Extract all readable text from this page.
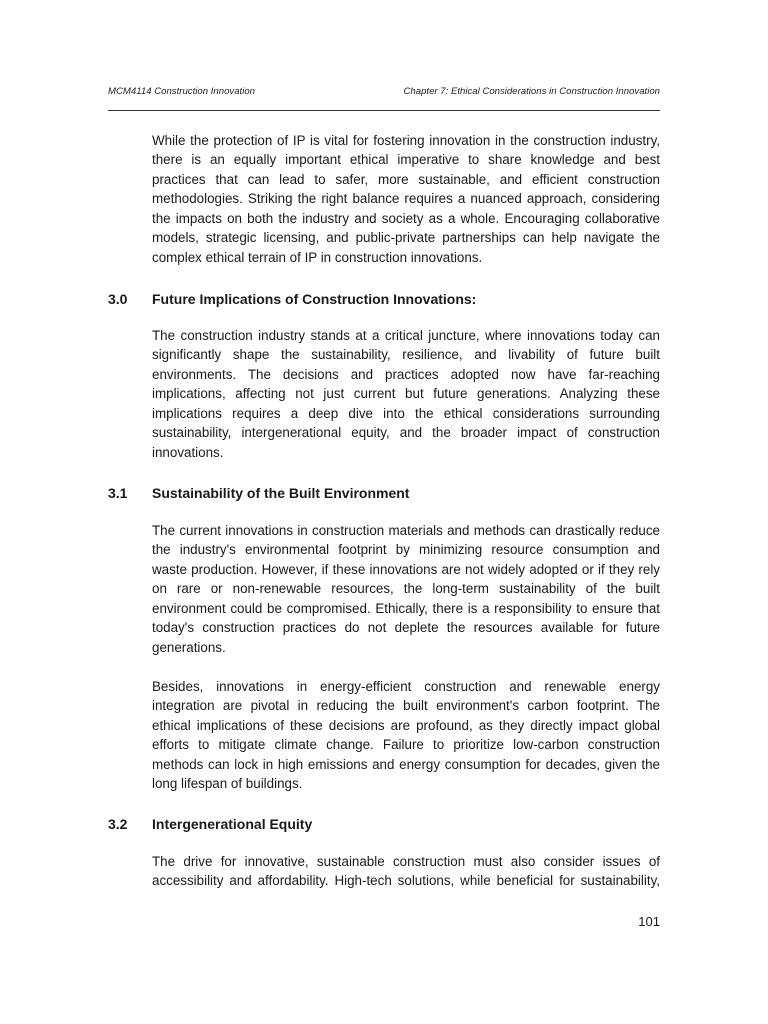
MCM4114 Construction Innovation	Chapter 7: Ethical Considerations in Construction Innovation
While the protection of IP is vital for fostering innovation in the construction industry,
there is an equally important ethical imperative to share knowledge and best
practices that can lead to safer, more sustainable, and efficient construction
methodologies. Striking the right balance requires a nuanced approach, considering
the impacts on both the industry and society as a whole. Encouraging collaborative
models, strategic licensing, and public-private partnerships can help navigate the
complex ethical terrain of IP in construction innovations.
3.0 Future Implications of Construction Innovations:
The construction industry stands at a critical juncture, where innovations today can
significantly shape the sustainability, resilience, and livability of future built
environments. The decisions and practices adopted now have far-reaching
implications, affecting not just current but future generations. Analyzing these
implications requires a deep dive into the ethical considerations surrounding
sustainability, intergenerational equity, and the broader impact of construction
innovations.
3.1 Sustainability of the Built Environment
The current innovations in construction materials and methods can drastically reduce
the industry's environmental footprint by minimizing resource consumption and
waste production. However, if these innovations are not widely adopted or if they rely
on rare or non-renewable resources, the long-term sustainability of the built
environment could be compromised. Ethically, there is a responsibility to ensure that
today's construction practices do not deplete the resources available for future
generations.
Besides, innovations in energy-efficient construction and renewable energy
integration are pivotal in reducing the built environment's carbon footprint. The
ethical implications of these decisions are profound, as they directly impact global
efforts to mitigate climate change. Failure to prioritize low-carbon construction
methods can lock in high emissions and energy consumption for decades, given the
long lifespan of buildings.
3.2 Intergenerational Equity
The drive for innovative, sustainable construction must also consider issues of
accessibility and affordability. High-tech solutions, while beneficial for sustainability,
101
